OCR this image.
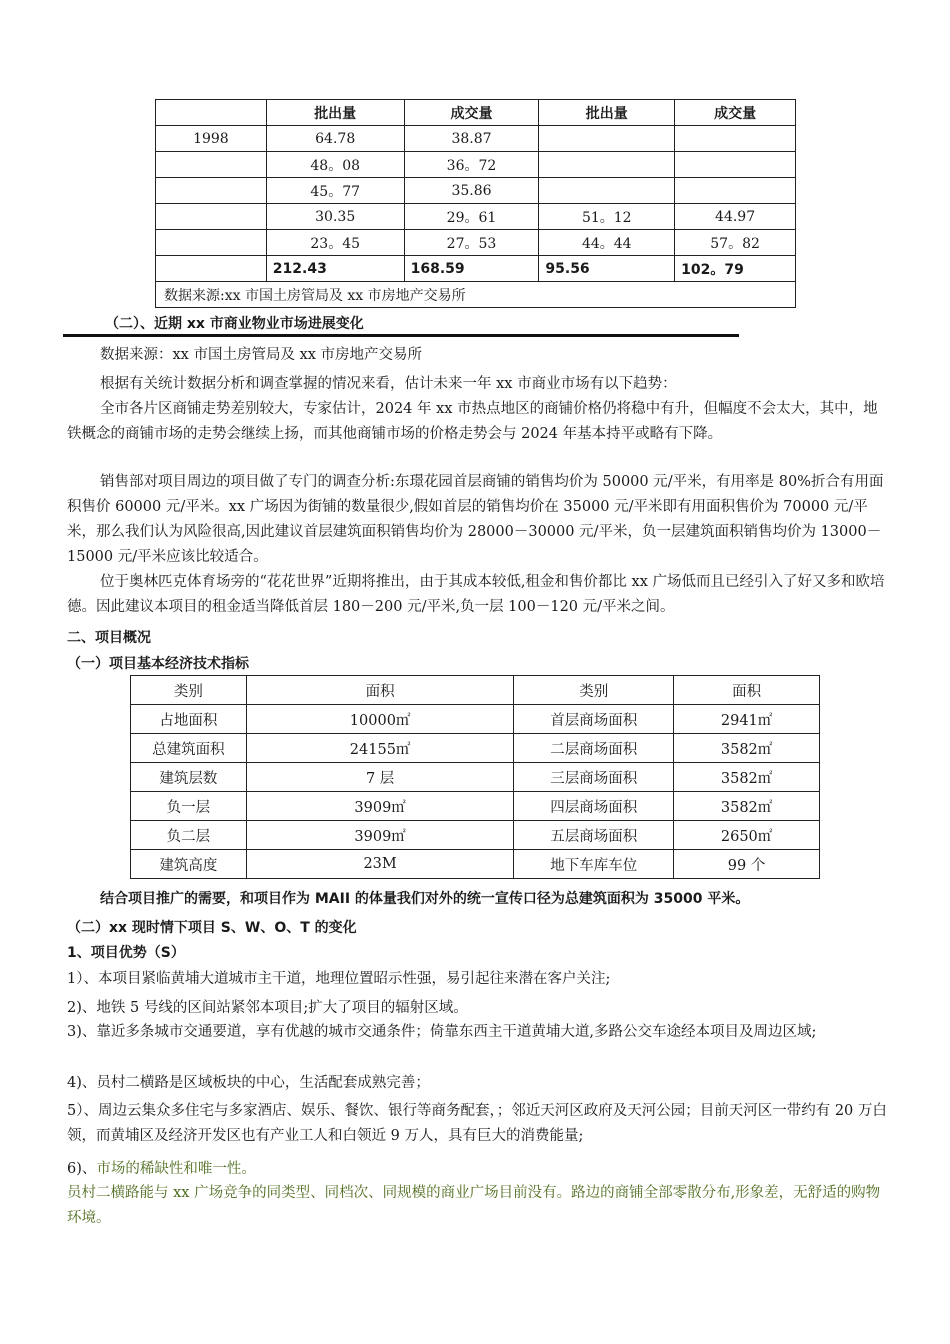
	批出量	成交量	批出量	成交量
1998	64.78	38.87		
	48。08	36。72		
	45。77	35.86		
	30.35	29。61	51。12	44.97
	23。45	27。53	44。44	57。82
	212.43	168.59	95.56	102。79
数据来源:xx 市国土房管局及 xx 市房地产交易所				
（二）、近期 xx 市商业物业市场进展变化
数据来源：xx 市国土房管局及 xx 市房地产交易所
根据有关统计数据分析和调查掌握的情况来看，估计未来一年 xx 市商业市场有以下趋势：
全市各片区商铺走势差别较大，专家估计，2024 年 xx 市热点地区的商铺价格仍将稳中有升，但幅度不会太大，其中，地铁概念的商铺市场的走势会继续上扬，而其他商铺市场的价格走势会与 2024 年基本持平或略有下降。
销售部对项目周边的项目做了专门的调查分析:东璟花园首层商铺的销售均价为 50000 元/平米，有用率是 80%折合有用面积售价 60000 元/平米。xx 广场因为街铺的数量很少,假如首层的销售均价在 35000 元/平米即有用面积售价为 70000 元/平米，那么我们认为风险很高,因此建议首层建筑面积销售均价为 28000－30000 元/平米，负一层建筑面积销售均价为 13000－15000 元/平米应该比较适合。
位于奥林匹克体育场旁的“花花世界”近期将推出，由于其成本较低,租金和售价都比 xx 广场低而且已经引入了好又多和欧培德。因此建议本项目的租金适当降低首层 180－200 元/平米,负一层 100－120 元/平米之间。
二、项目概况
（一）项目基本经济技术指标
类别	面积	类别	面积
占地面积	10000㎡	首层商场面积	2941㎡
总建筑面积	24155㎡	二层商场面积	3582㎡
建筑层数	7 层	三层商场面积	3582㎡
负一层	3909㎡	四层商场面积	3582㎡
负二层	3909㎡	五层商场面积	2650㎡
建筑高度	23M	地下车库车位	99 个
结合项目推广的需要，和项目作为 MAII 的体量我们对外的统一宣传口径为总建筑面积为 35000 平米。
（二）xx 现时情下项目 S、W、O、T 的变化
1、项目优势（S）
1）、本项目紧临黄埔大道城市主干道，地理位置昭示性强，易引起往来潜在客户关注;
2)、地铁 5 号线的区间站紧邻本项目;扩大了项目的辐射区域。
3)、靠近多条城市交通要道，享有优越的城市交通条件；倚靠东西主干道黄埔大道,多路公交车途经本项目及周边区域;
4)、员村二横路是区域板块的中心，生活配套成熟完善；
5）、周边云集众多住宅与多家酒店、娱乐、餐饮、银行等商务配套，；邻近天河区政府及天河公园；目前天河区一带约有 20 万白领，而黄埔区及经济开发区也有产业工人和白领近 9 万人，具有巨大的消费能量;
6)、市场的稀缺性和唯一性。
员村二横路能与 xx 广场竞争的同类型、同档次、同规模的商业广场目前没有。路边的商铺全部零散分布,形象差，无舒适的购物环境。
